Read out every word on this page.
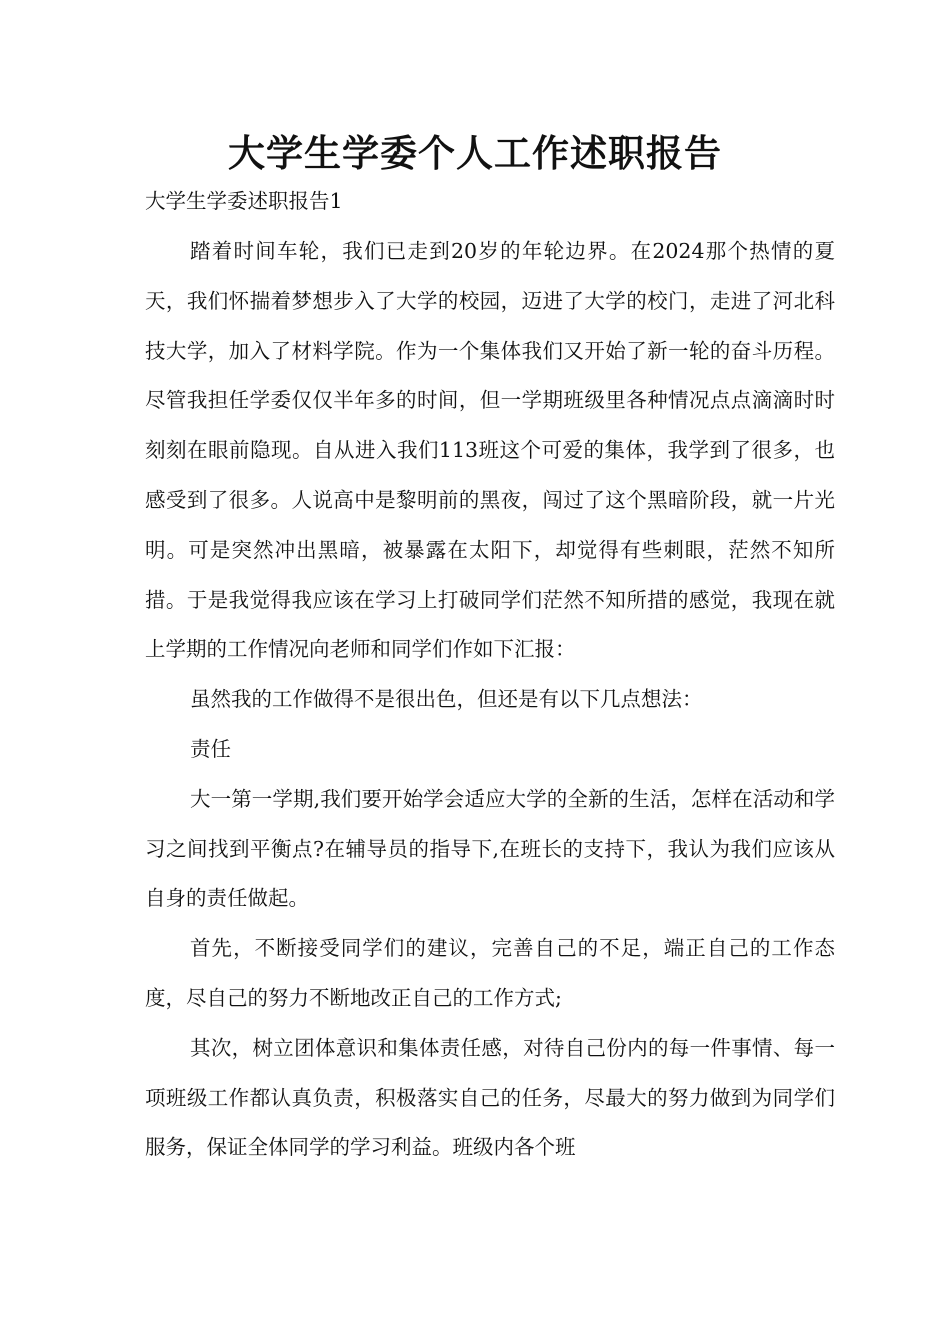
大学生学委个人工作述职报告

大学生学委述职报告1

踏着时间车轮，我们已走到20岁的年轮边界。在2024那个热情的夏天，我们怀揣着梦想步入了大学的校园，迈进了大学的校门，走进了河北科技大学，加入了材料学院。作为一个集体我们又开始了新一轮的奋斗历程。尽管我担任学委仅仅半年多的时间，但一学期班级里各种情况点点滴滴时时刻刻在眼前隐现。自从进入我们113班这个可爱的集体，我学到了很多，也感受到了很多。人说高中是黎明前的黑夜，闯过了这个黑暗阶段，就一片光明。可是突然冲出黑暗，被暴露在太阳下，却觉得有些刺眼，茫然不知所措。于是我觉得我应该在学习上打破同学们茫然不知所措的感觉，我现在就上学期的工作情况向老师和同学们作如下汇报：

虽然我的工作做得不是很出色，但还是有以下几点想法：

责任

大一第一学期,我们要开始学会适应大学的全新的生活，怎样在活动和学习之间找到平衡点?在辅导员的指导下,在班长的支持下，我认为我们应该从自身的责任做起。

首先，不断接受同学们的建议，完善自己的不足，端正自己的工作态度，尽自己的努力不断地改正自己的工作方式;

其次，树立团体意识和集体责任感，对待自己份内的每一件事情、每一项班级工作都认真负责，积极落实自己的任务，尽最大的努力做到为同学们服务，保证全体同学的学习利益。班级内各个班
